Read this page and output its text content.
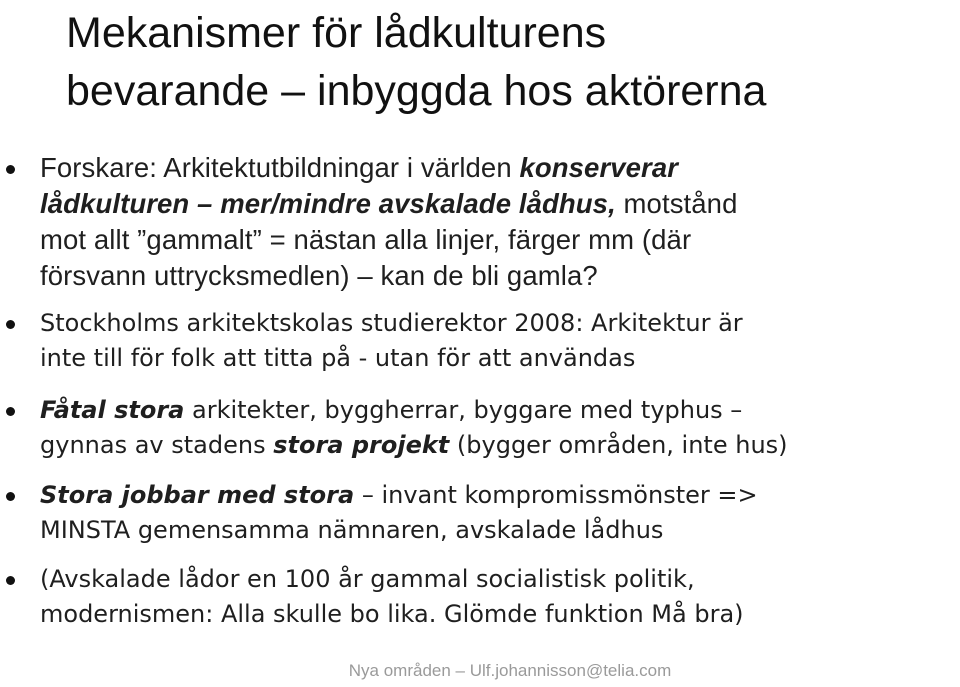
Mekanismer för lådkulturens
bevarande – inbyggda hos aktörerna
Forskare: Arkitektutbildningar i världen konserverar
lådkulturen – mer/mindre avskalade lådhus, motstånd
mot allt ”gammalt” = nästan alla linjer, färger mm (där
försvann uttrycksmedlen) – kan de bli gamla?
Stockholms arkitektskolas studierektor 2008: Arkitektur är
inte till för folk att titta på - utan för att användas
Fåtal stora arkitekter, byggherrar, byggare med typhus –
gynnas av stadens stora projekt (bygger områden, inte hus)
Stora jobbar med stora – invant kompromissmönster =>
MINSTA gemensamma nämnaren, avskalade lådhus
(Avskalade lådor en 100 år gammal socialistisk politik,
modernismen: Alla skulle bo lika. Glömde funktion Må bra)
Nya områden – Ulf.johannisson@telia.com
